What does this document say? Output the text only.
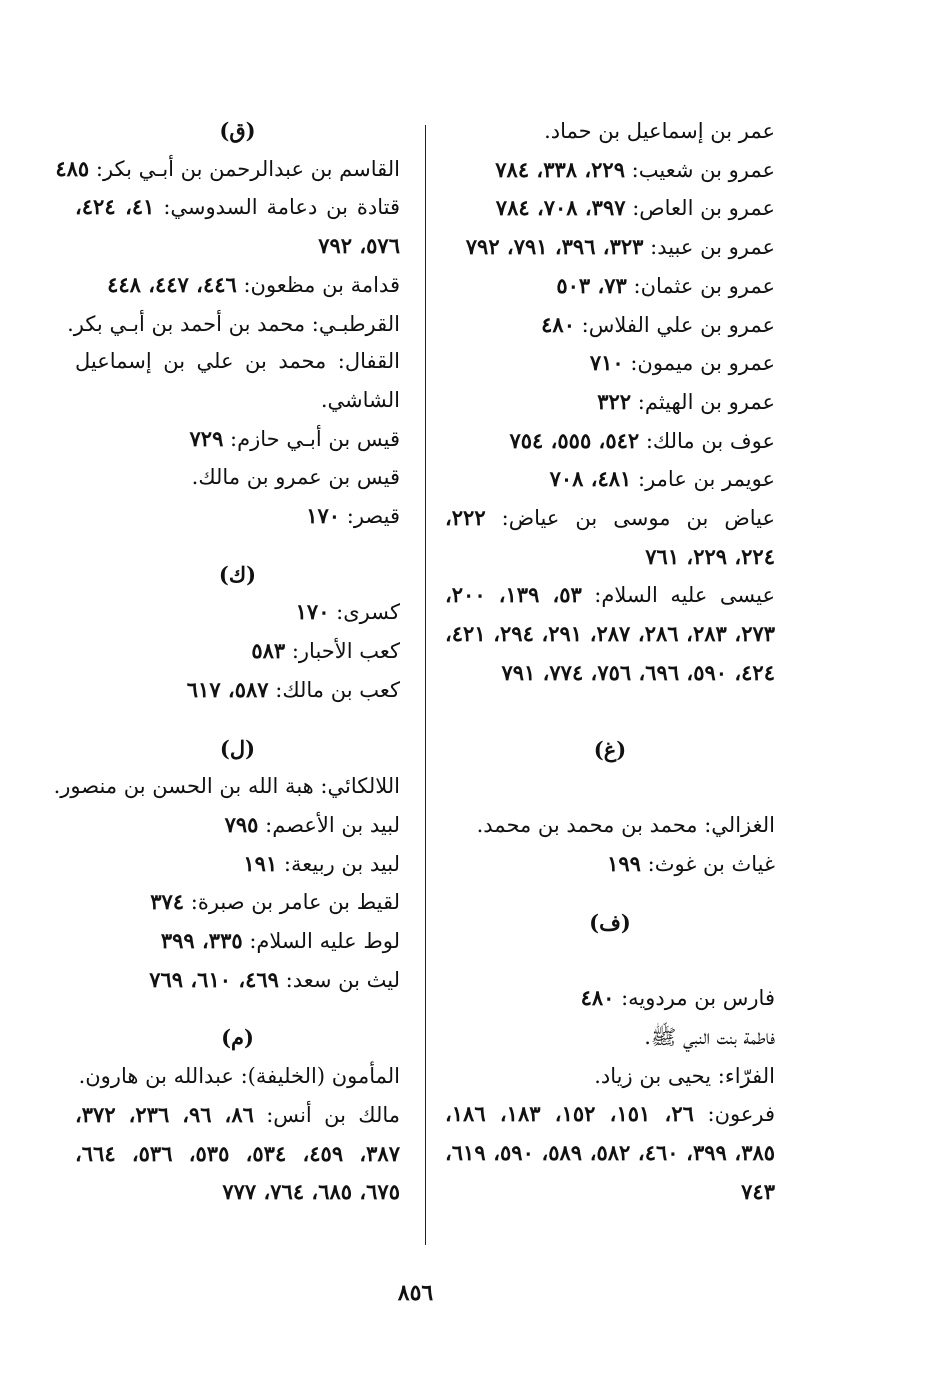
عمر بن إسماعيل بن حماد.

عمرو بن شعيب: ٢٢٩، ٣٣٨، ٧٨٤

عمرو بن العاص: ٣٩٧، ٧٠٨، ٧٨٤

عمرو بن عبيد: ٣٢٣، ٣٩٦، ٧٩١، ٧٩٢

عمرو بن عثمان: ٧٣، ٥٠٣

عمرو بن علي الفلاس: ٤٨٠

عمرو بن ميمون: ٧١٠

عمرو بن الهيثم: ٣٢٢

عوف بن مالك: ٥٤٢، ٥٥٥، ٧٥٤

عويمر بن عامر: ٤٨١، ٧٠٨

عياض بن موسى بن عياض: ٢٢٢، ٢٢٤، ٢٢٩، ٧٦١

عيسى عليه السلام: ٥٣، ١٣٩، ٢٠٠، ٢٧٣، ٢٨٣، ٢٨٦، ٢٨٧، ٢٩١، ٢٩٤، ٤٢١، ٤٢٤، ٥٩٠، ٦٩٦، ٧٥٦، ٧٧٤، ٧٩١

(غ)

الغزالي: محمد بن محمد بن محمد.

غياث بن غوث: ١٩٩

(ف)

فارس بن مردويه: ٤٨٠

فاطمة بنت النبي ﷺ.

الفرّاء: يحيى بن زياد.

فرعون: ٢٦، ١٥١، ١٥٢، ١٨٣، ١٨٦، ٣٨٥، ٣٩٩، ٤٦٠، ٥٨٢، ٥٨٩، ٥٩٠، ٦١٩، ٧٤٣

(ق)

القاسم بن عبدالرحمن بن أبـي بكر: ٤٨٥

قتادة بن دعامة السدوسي: ٤١، ٤٢٤، ٥٧٦، ٧٩٢

قدامة بن مظعون: ٤٤٦، ٤٤٧، ٤٤٨

القرطبـي: محمد بن أحمد بن أبـي بكر.

القفال: محمد بن علي بن إسماعيل الشاشي.

قيس بن أبـي حازم: ٧٢٩

قيس بن عمرو بن مالك.

قيصر: ١٧٠

(ك)

كسرى: ١٧٠

كعب الأحبار: ٥٨٣

كعب بن مالك: ٥٨٧، ٦١٧

(ل)

اللالكائي: هبة الله بن الحسن بن منصور.

لبيد بن الأعصم: ٧٩٥

لبيد بن ربيعة: ١٩١

لقيط بن عامر بن صبرة: ٣٧٤

لوط عليه السلام: ٣٣٥، ٣٩٩

ليث بن سعد: ٤٦٩، ٦١٠، ٧٦٩

(م)

المأمون (الخليفة): عبدالله بن هارون.

مالك بن أنس: ٨٦، ٩٦، ٢٣٦، ٣٧٢، ٣٨٧، ٤٥٩، ٥٣٤، ٥٣٥، ٥٣٦، ٦٦٤، ٦٧٥، ٦٨٥، ٧٦٤، ٧٧٧

٨٥٦
